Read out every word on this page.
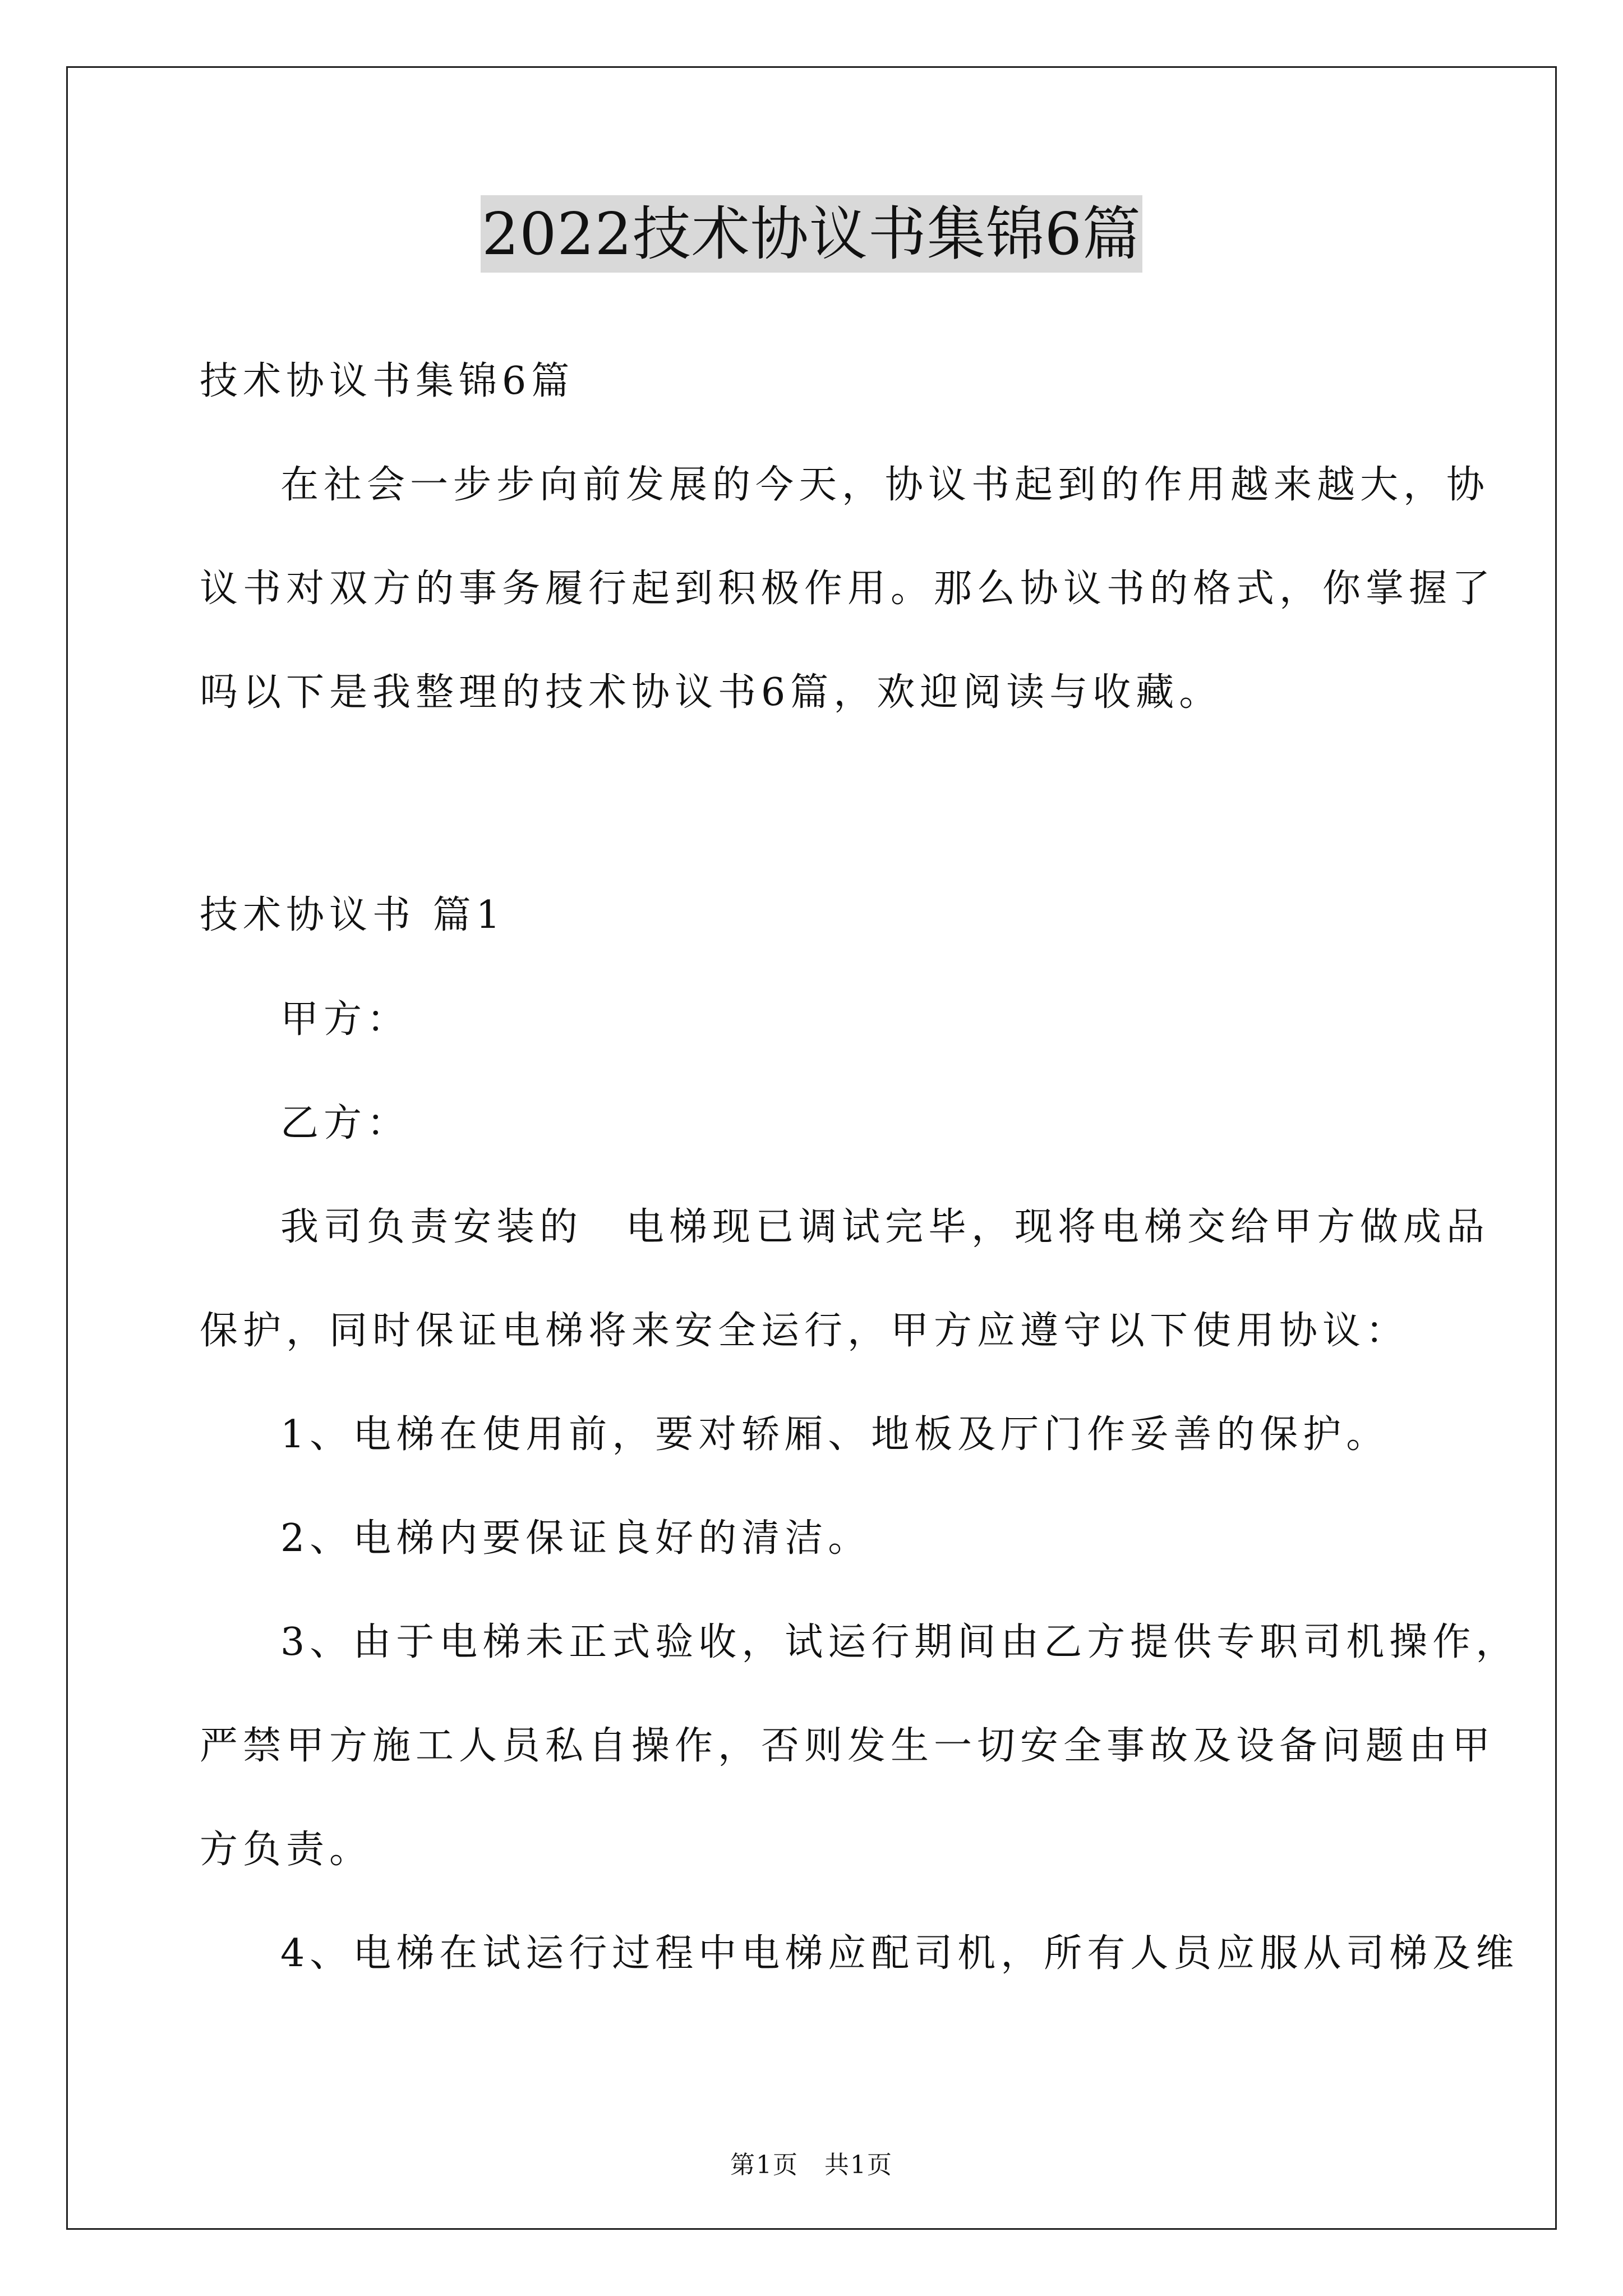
2022技术协议书集锦6篇
技术协议书集锦6篇
在社会一步步向前发展的今天，协议书起到的作用越来越大，协
议书对双方的事务履行起到积极作用。那么协议书的格式，你掌握了
吗以下是我整理的技术协议书6篇，欢迎阅读与收藏。
技术协议书 篇1
甲方：
乙方：
我司负责安装的　电梯现已调试完毕，现将电梯交给甲方做成品
保护，同时保证电梯将来安全运行，甲方应遵守以下使用协议：
1、电梯在使用前，要对轿厢、地板及厅门作妥善的保护。
2、电梯内要保证良好的清洁。
3、由于电梯未正式验收，试运行期间由乙方提供专职司机操作，
严禁甲方施工人员私自操作，否则发生一切安全事故及设备问题由甲
方负责。
4、电梯在试运行过程中电梯应配司机，所有人员应服从司梯及维
第1页　共1页
